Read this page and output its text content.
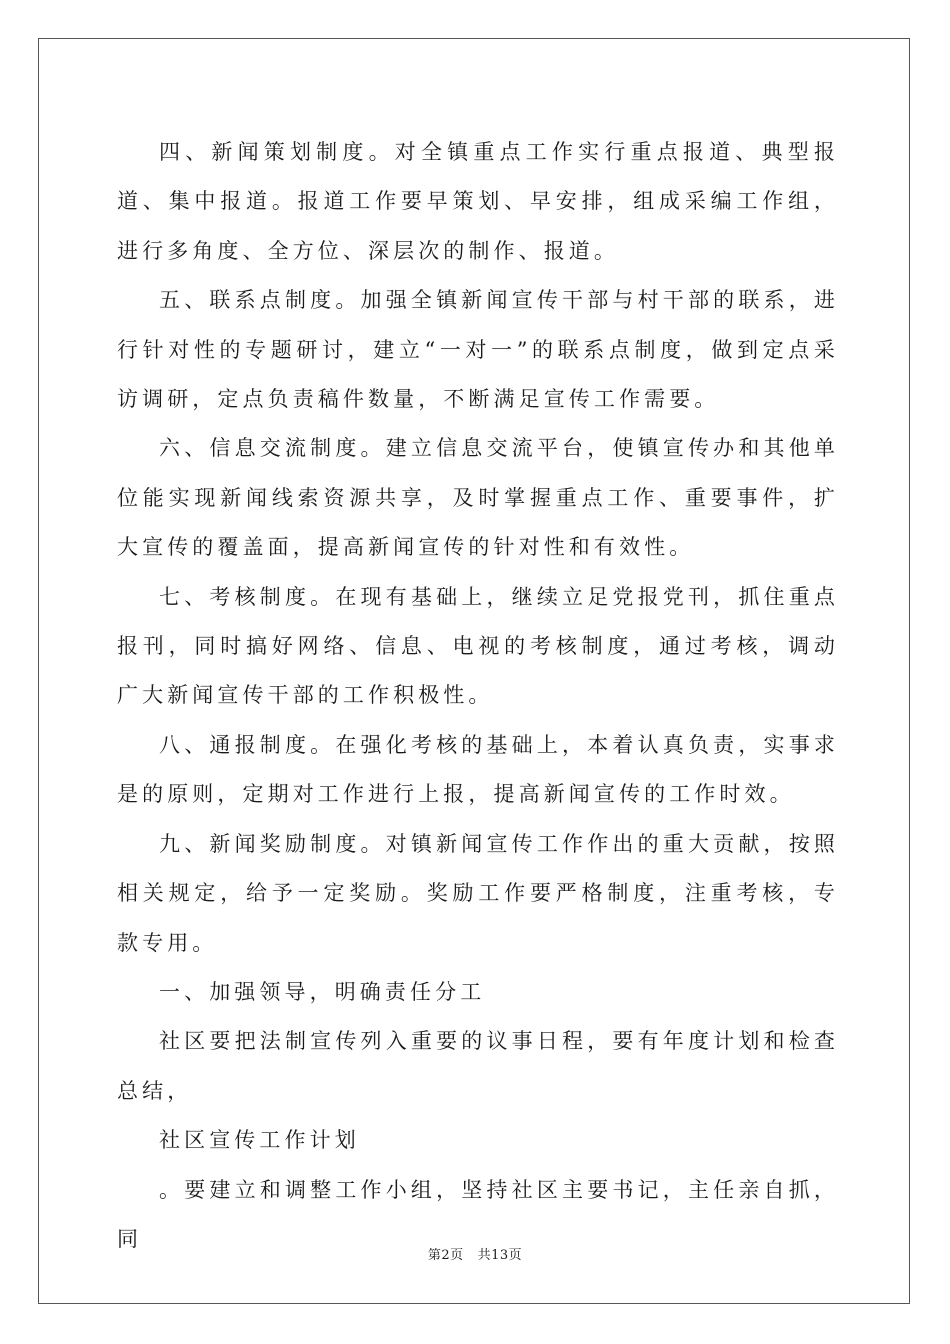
四、新闻策划制度。对全镇重点工作实行重点报道、典型报道、集中报道。报道工作要早策划、早安排，组成采编工作组，进行多角度、全方位、深层次的制作、报道。

五、联系点制度。加强全镇新闻宣传干部与村干部的联系，进行针对性的专题研讨，建立“一对一”的联系点制度，做到定点采访调研，定点负责稿件数量，不断满足宣传工作需要。

六、信息交流制度。建立信息交流平台，使镇宣传办和其他单位能实现新闻线索资源共享，及时掌握重点工作、重要事件，扩大宣传的覆盖面，提高新闻宣传的针对性和有效性。

七、考核制度。在现有基础上，继续立足党报党刊，抓住重点报刊，同时搞好网络、信息、电视的考核制度，通过考核，调动广大新闻宣传干部的工作积极性。

八、通报制度。在强化考核的基础上，本着认真负责，实事求是的原则，定期对工作进行上报，提高新闻宣传的工作时效。

九、新闻奖励制度。对镇新闻宣传工作作出的重大贡献，按照相关规定，给予一定奖励。奖励工作要严格制度，注重考核，专款专用。

一、加强领导，明确责任分工

社区要把法制宣传列入重要的议事日程，要有年度计划和检查总结，

社区宣传工作计划

。要建立和调整工作小组，坚持社区主要书记，主任亲自抓，同

第2页 共13页
